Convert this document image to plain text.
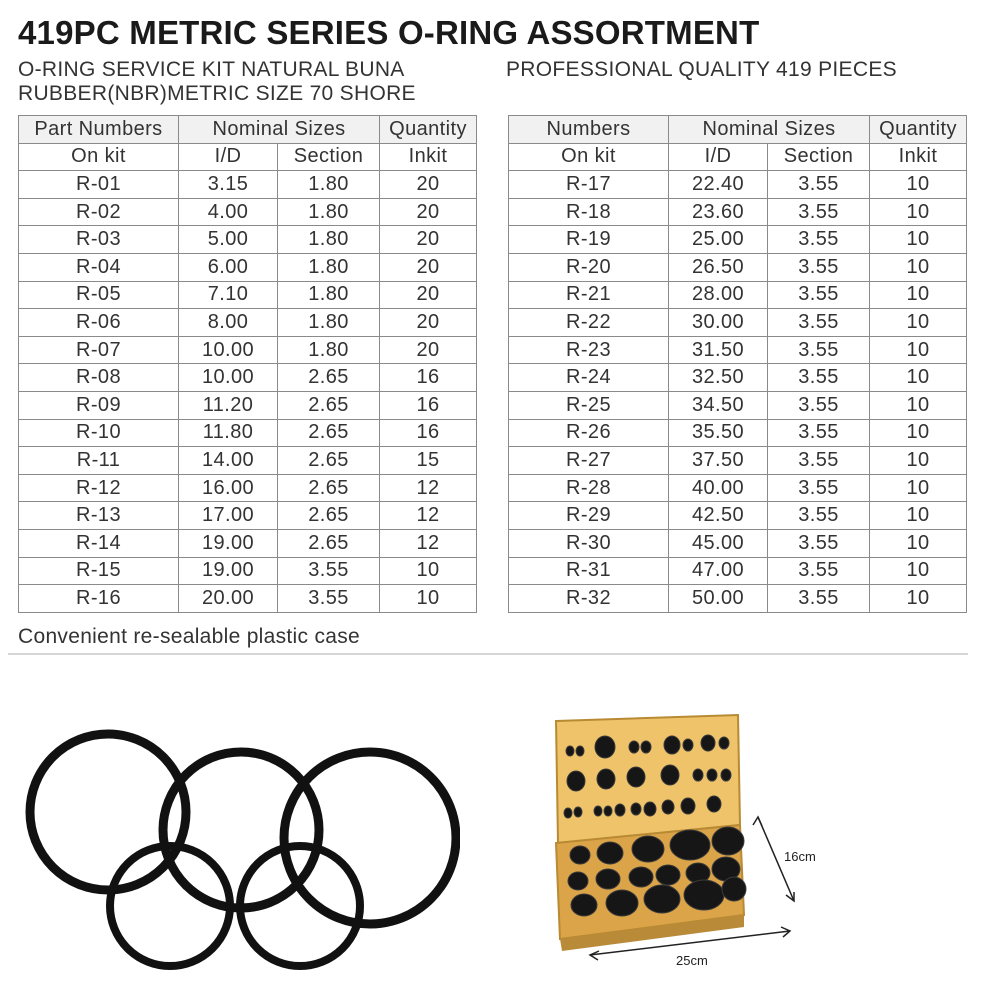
419PC METRIC SERIES O-RING ASSORTMENT
O-RING SERVICE KIT NATURAL BUNA
RUBBER(NBR)METRIC SIZE 70 SHORE
PROFESSIONAL QUALITY 419 PIECES
Part Numbers	Nominal Sizes		Quantity
On kit	I/D	Section	Inkit
R-01	3.15	1.80	20
R-02	4.00	1.80	20
R-03	5.00	1.80	20
R-04	6.00	1.80	20
R-05	7.10	1.80	20
R-06	8.00	1.80	20
R-07	10.00	1.80	20
R-08	10.00	2.65	16
R-09	11.20	2.65	16
R-10	11.80	2.65	16
R-11	14.00	2.65	15
R-12	16.00	2.65	12
R-13	17.00	2.65	12
R-14	19.00	2.65	12
R-15	19.00	3.55	10
R-16	20.00	3.55	10
Numbers	Nominal Sizes		Quantity
On kit	I/D	Section	Inkit
R-17	22.40	3.55	10
R-18	23.60	3.55	10
R-19	25.00	3.55	10
R-20	26.50	3.55	10
R-21	28.00	3.55	10
R-22	30.00	3.55	10
R-23	31.50	3.55	10
R-24	32.50	3.55	10
R-25	34.50	3.55	10
R-26	35.50	3.55	10
R-27	37.50	3.55	10
R-28	40.00	3.55	10
R-29	42.50	3.55	10
R-30	45.00	3.55	10
R-31	47.00	3.55	10
R-32	50.00	3.55	10
Convenient re-sealable plastic case
16cm
25cm
